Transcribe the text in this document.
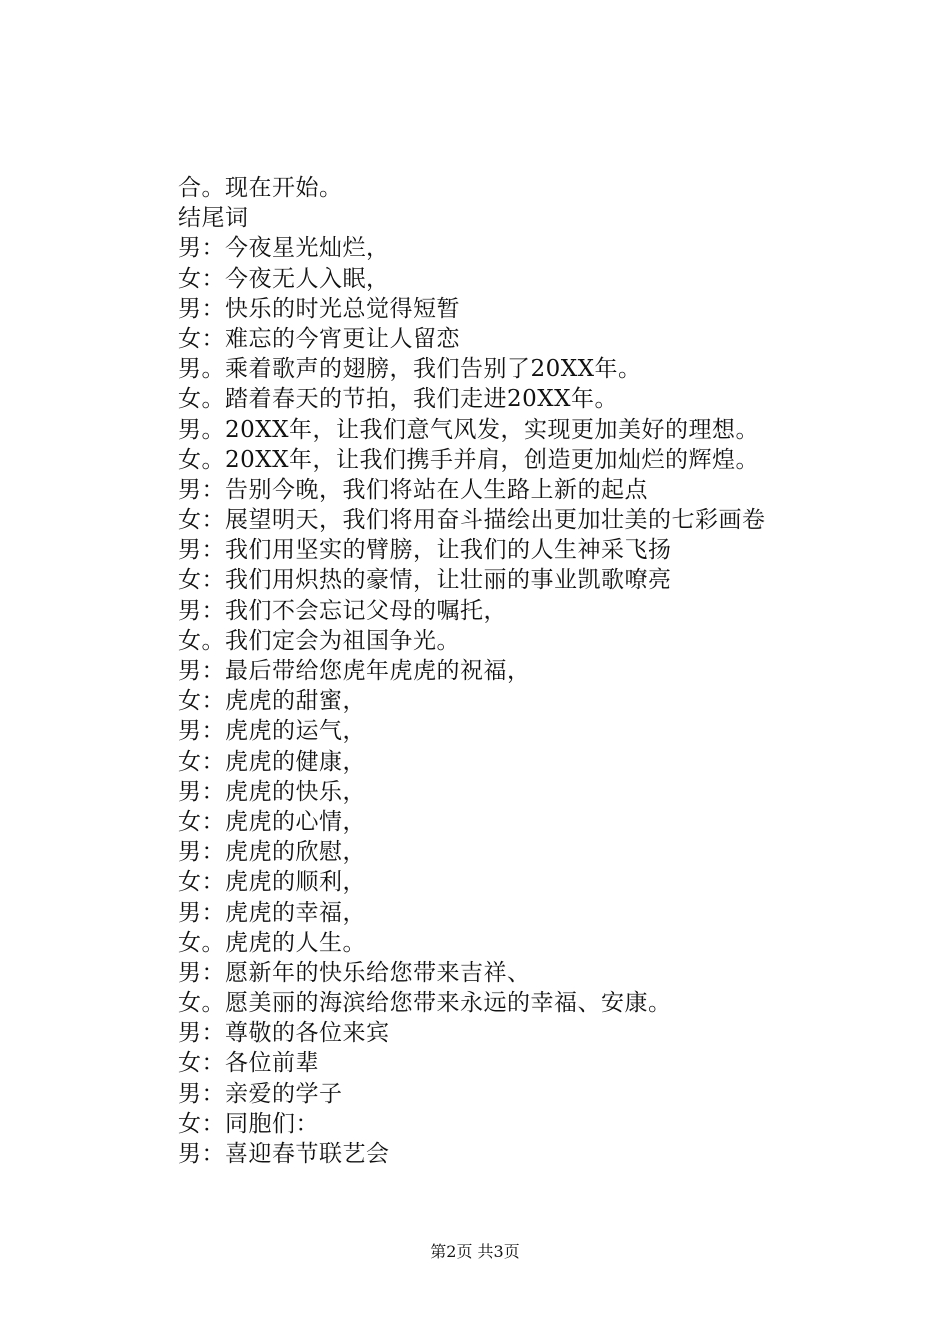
合。现在开始。
结尾词
男：今夜星光灿烂，
女：今夜无人入眠，
男：快乐的时光总觉得短暂
女：难忘的今宵更让人留恋
男。乘着歌声的翅膀，我们告别了20XX年。
女。踏着春天的节拍，我们走进20XX年。
男。20XX年，让我们意气风发，实现更加美好的理想。
女。20XX年，让我们携手并肩，创造更加灿烂的辉煌。
男：告别今晚，我们将站在人生路上新的起点
女：展望明天，我们将用奋斗描绘出更加壮美的七彩画卷
男：我们用坚实的臂膀，让我们的人生神采飞扬
女：我们用炽热的豪情，让壮丽的事业凯歌嘹亮
男：我们不会忘记父母的嘱托，
女。我们定会为祖国争光。
男：最后带给您虎年虎虎的祝福，
女：虎虎的甜蜜，
男：虎虎的运气，
女：虎虎的健康，
男：虎虎的快乐，
女：虎虎的心情，
男：虎虎的欣慰，
女：虎虎的顺利，
男：虎虎的幸福，
女。虎虎的人生。
男：愿新年的快乐给您带来吉祥、
女。愿美丽的海滨给您带来永远的幸福、安康。
男：尊敬的各位来宾
女：各位前辈
男：亲爱的学子
女：同胞们：
男：喜迎春节联艺会
第2页 共3页
